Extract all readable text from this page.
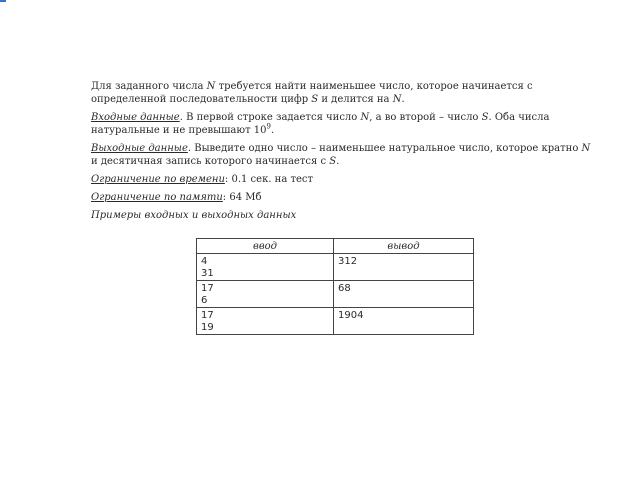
Для заданного числа N требуется найти наименьшее число, которое начинается с определенной последовательности цифр S и делится на N.

Входные данные. В первой строке задается число N, а во второй – число S. Оба числа натуральные и не превышают $10^9$.

Выходные данные. Выведите одно число – наименьшее натуральное число, которое кратно N и десятичная запись которого начинается с S.

Ограничение по времени: 0.1 сек. на тест

Ограничение по памяти: 64 Мб

Примеры входных и выходных данных

ввод	вывод

4
31	312

17
6	68

17
19	1904
